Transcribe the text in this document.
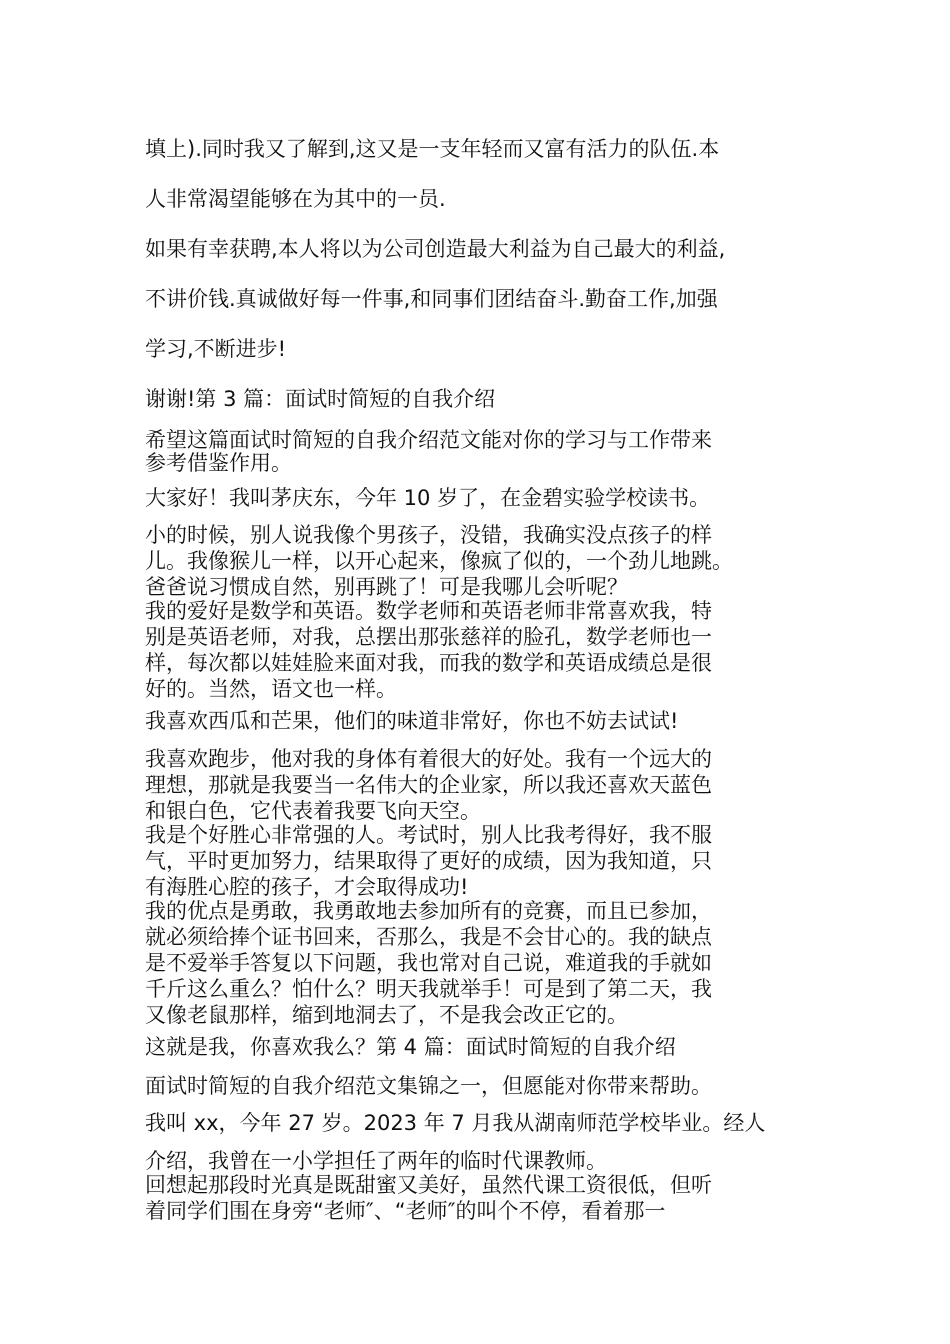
填上).同时我又了解到,这又是一支年轻而又富有活力的队伍.本

人非常渴望能够在为其中的一员.

如果有幸获聘,本人将以为公司创造最大利益为自己最大的利益,

不讲价钱.真诚做好每一件事,和同事们团结奋斗.勤奋工作,加强

学习,不断进步!

谢谢!第 3 篇：面试时简短的自我介绍

希望这篇面试时简短的自我介绍范文能对你的学习与工作带来

参考借鉴作用。

大家好！我叫茅庆东，今年 10 岁了，在金碧实验学校读书。

小的时候，别人说我像个男孩子，没错，我确实没点孩子的样

儿。我像猴儿一样，以开心起来，像疯了似的，一个劲儿地跳。

爸爸说习惯成自然，别再跳了！可是我哪儿会听呢？

我的爱好是数学和英语。数学老师和英语老师非常喜欢我，特

别是英语老师，对我，总摆出那张慈祥的脸孔，数学老师也一

样，每次都以娃娃脸来面对我，而我的数学和英语成绩总是很

好的。当然，语文也一样。

我喜欢西瓜和芒果，他们的味道非常好，你也不妨去试试!

我喜欢跑步，他对我的身体有着很大的好处。我有一个远大的

理想，那就是我要当一名伟大的企业家，所以我还喜欢天蓝色

和银白色，它代表着我要飞向天空。

我是个好胜心非常强的人。考试时，别人比我考得好，我不服

气，平时更加努力，结果取得了更好的成绩，因为我知道，只

有海胜心腔的孩子，才会取得成功!

我的优点是勇敢，我勇敢地去参加所有的竞赛，而且已参加，

就必须给捧个证书回来，否那么，我是不会甘心的。我的缺点

是不爱举手答复以下问题，我也常对自己说，难道我的手就如

千斤这么重么？怕什么？明天我就举手！可是到了第二天，我

又像老鼠那样，缩到地洞去了，不是我会改正它的。

这就是我，你喜欢我么？第 4 篇：面试时简短的自我介绍

面试时简短的自我介绍范文集锦之一，但愿能对你带来帮助。

我叫 xx，今年 27 岁。2023 年 7 月我从湖南师范学校毕业。经人

介绍，我曾在一小学担任了两年的临时代课教师。

回想起那段时光真是既甜蜜又美好，虽然代课工资很低，但听

着同学们围在身旁“老师″、“老师″的叫个不停，看着那一
